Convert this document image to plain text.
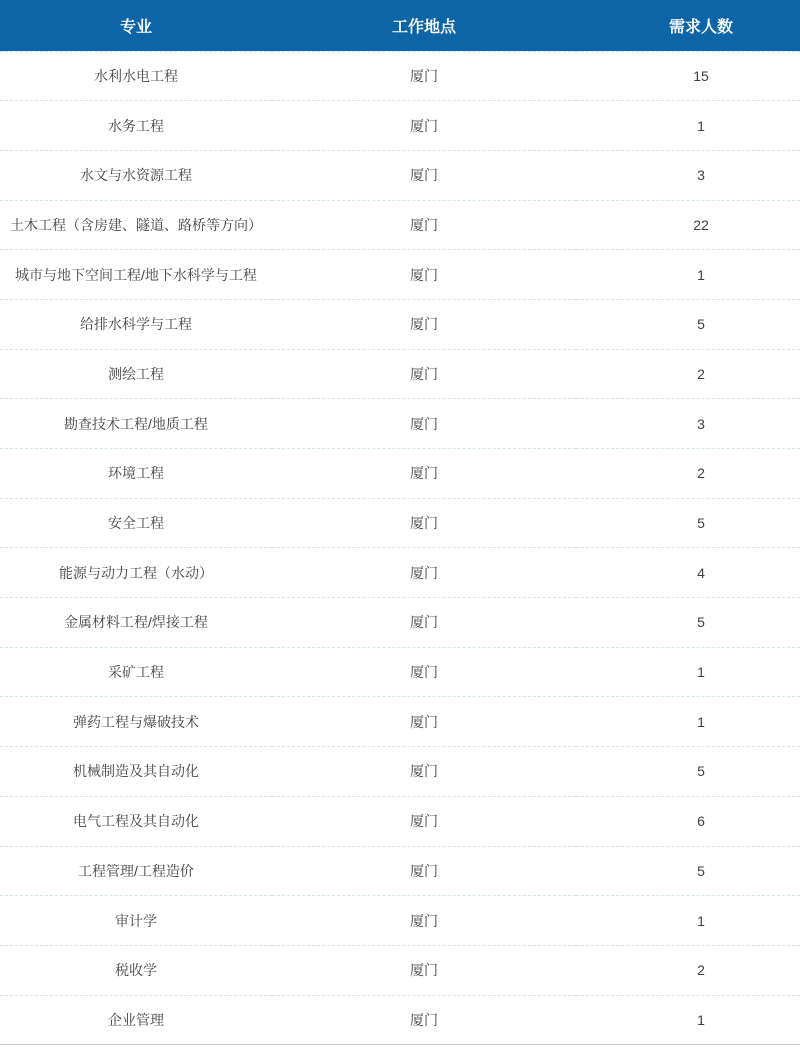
专业	工作地点	需求人数
水利水电工程	厦门	15
水务工程	厦门	1
水文与水资源工程	厦门	3
土木工程（含房建、隧道、路桥等方向）	厦门	22
城市与地下空间工程/地下水科学与工程	厦门	1
给排水科学与工程	厦门	5
测绘工程	厦门	2
勘查技术工程/地质工程	厦门	3
环境工程	厦门	2
安全工程	厦门	5
能源与动力工程（水动）	厦门	4
金属材料工程/焊接工程	厦门	5
采矿工程	厦门	1
弹药工程与爆破技术	厦门	1
机械制造及其自动化	厦门	5
电气工程及其自动化	厦门	6
工程管理/工程造价	厦门	5
审计学	厦门	1
税收学	厦门	2
企业管理	厦门	1
